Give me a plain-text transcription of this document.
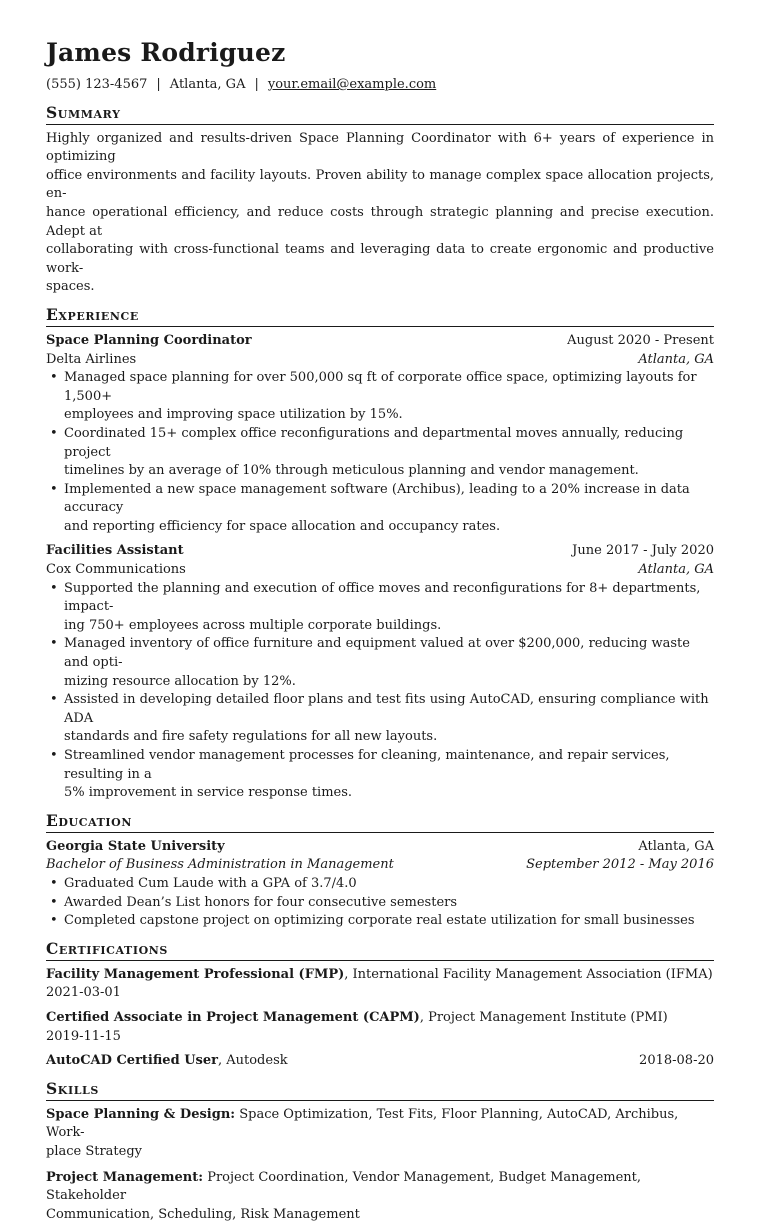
James Rodriguez
(555) 123-4567 | Atlanta, GA | your.email@example.com
Summary
Highly organized and results-driven Space Planning Coordinator with 6+ years of experience in optimizing
office environments and facility layouts. Proven ability to manage complex space allocation projects, en-
hance operational efficiency, and reduce costs through strategic planning and precise execution. Adept at
collaborating with cross-functional teams and leveraging data to create ergonomic and productive work-
spaces.
Experience
Space Planning Coordinator	August 2020 - Present
Delta Airlines	Atlanta, GA
• Managed space planning for over 500,000 sq ft of corporate office space, optimizing layouts for 1,500+
employees and improving space utilization by 15%.
• Coordinated 15+ complex office reconfigurations and departmental moves annually, reducing project
timelines by an average of 10% through meticulous planning and vendor management.
• Implemented a new space management software (Archibus), leading to a 20% increase in data accuracy
and reporting efficiency for space allocation and occupancy rates.
Facilities Assistant	June 2017 - July 2020
Cox Communications	Atlanta, GA
• Supported the planning and execution of office moves and reconfigurations for 8+ departments, impact-
ing 750+ employees across multiple corporate buildings.
• Managed inventory of office furniture and equipment valued at over $200,000, reducing waste and opti-
mizing resource allocation by 12%.
• Assisted in developing detailed floor plans and test fits using AutoCAD, ensuring compliance with ADA
standards and fire safety regulations for all new layouts.
• Streamlined vendor management processes for cleaning, maintenance, and repair services, resulting in a
5% improvement in service response times.
Education
Georgia State University	Atlanta, GA
Bachelor of Business Administration in Management	September 2012 - May 2016
• Graduated Cum Laude with a GPA of 3.7/4.0
• Awarded Dean’s List honors for four consecutive semesters
• Completed capstone project on optimizing corporate real estate utilization for small businesses
Certifications
Facility Management Professional (FMP), International Facility Management Association (IFMA)
2021-03-01
Certified Associate in Project Management (CAPM), Project Management Institute (PMI)
2019-11-15
AutoCAD Certified User, Autodesk	2018-08-20
Skills
Space Planning & Design: Space Optimization, Test Fits, Floor Planning, AutoCAD, Archibus, Work-
place Strategy
Project Management: Project Coordination, Vendor Management, Budget Management, Stakeholder
Communication, Scheduling, Risk Management
